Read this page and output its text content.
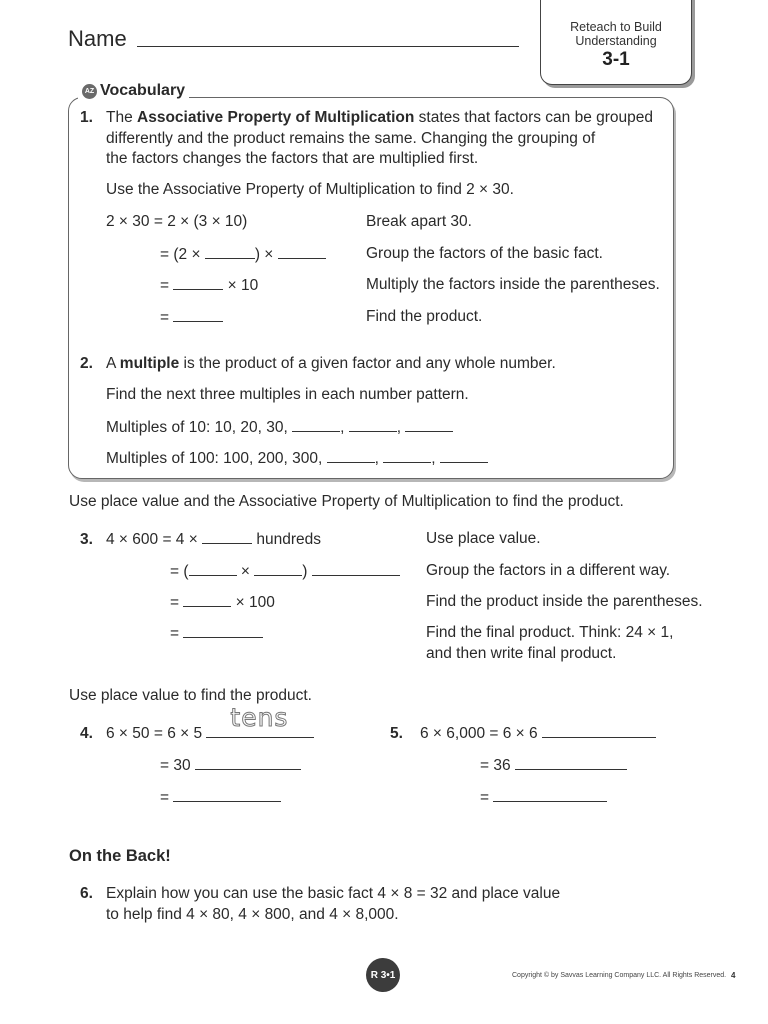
Name	Reteach to Build Understanding
3-1
AZ Vocabulary
1. The Associative Property of Multiplication states that factors can be grouped
differently and the product remains the same. Changing the grouping of
the factors changes the factors that are multiplied first.
Use the Associative Property of Multiplication to find 2 × 30.
2 × 30 = 2 × (3 × 10)	Break apart 30.
= (2 ×	) ×	Group the factors of the basic fact.
=	× 10	Multiply the factors inside the parentheses.
=	Find the product.
2. A multiple is the product of a given factor and any whole number.
Find the next three multiples in each number pattern.
Multiples of 10: 10, 20, 30,	,	,
Multiples of 100: 100, 200, 300,	,	,
Use place value and the Associative Property of Multiplication to find the product.
3. 4 × 600 = 4 ×	hundreds	Use place value.
= (	×	)	Group the factors in a different way.
=	× 100	Find the product inside the parentheses.
=	Find the final product. Think: 24 × 1,
and then write final product.
Use place value to find the product.
4. 6 × 50 = 6 × 5
tens
= 30
=
5. 6 × 6,000 = 6 × 6
= 36
=
On the Back!
6. Explain how you can use the basic fact 4 × 8 = 32 and place value
to help find 4 × 80, 4 × 800, and 4 × 8,000.
R 3•1	Copyright © by Savvas Learning Company LLC. All Rights Reserved. 4
